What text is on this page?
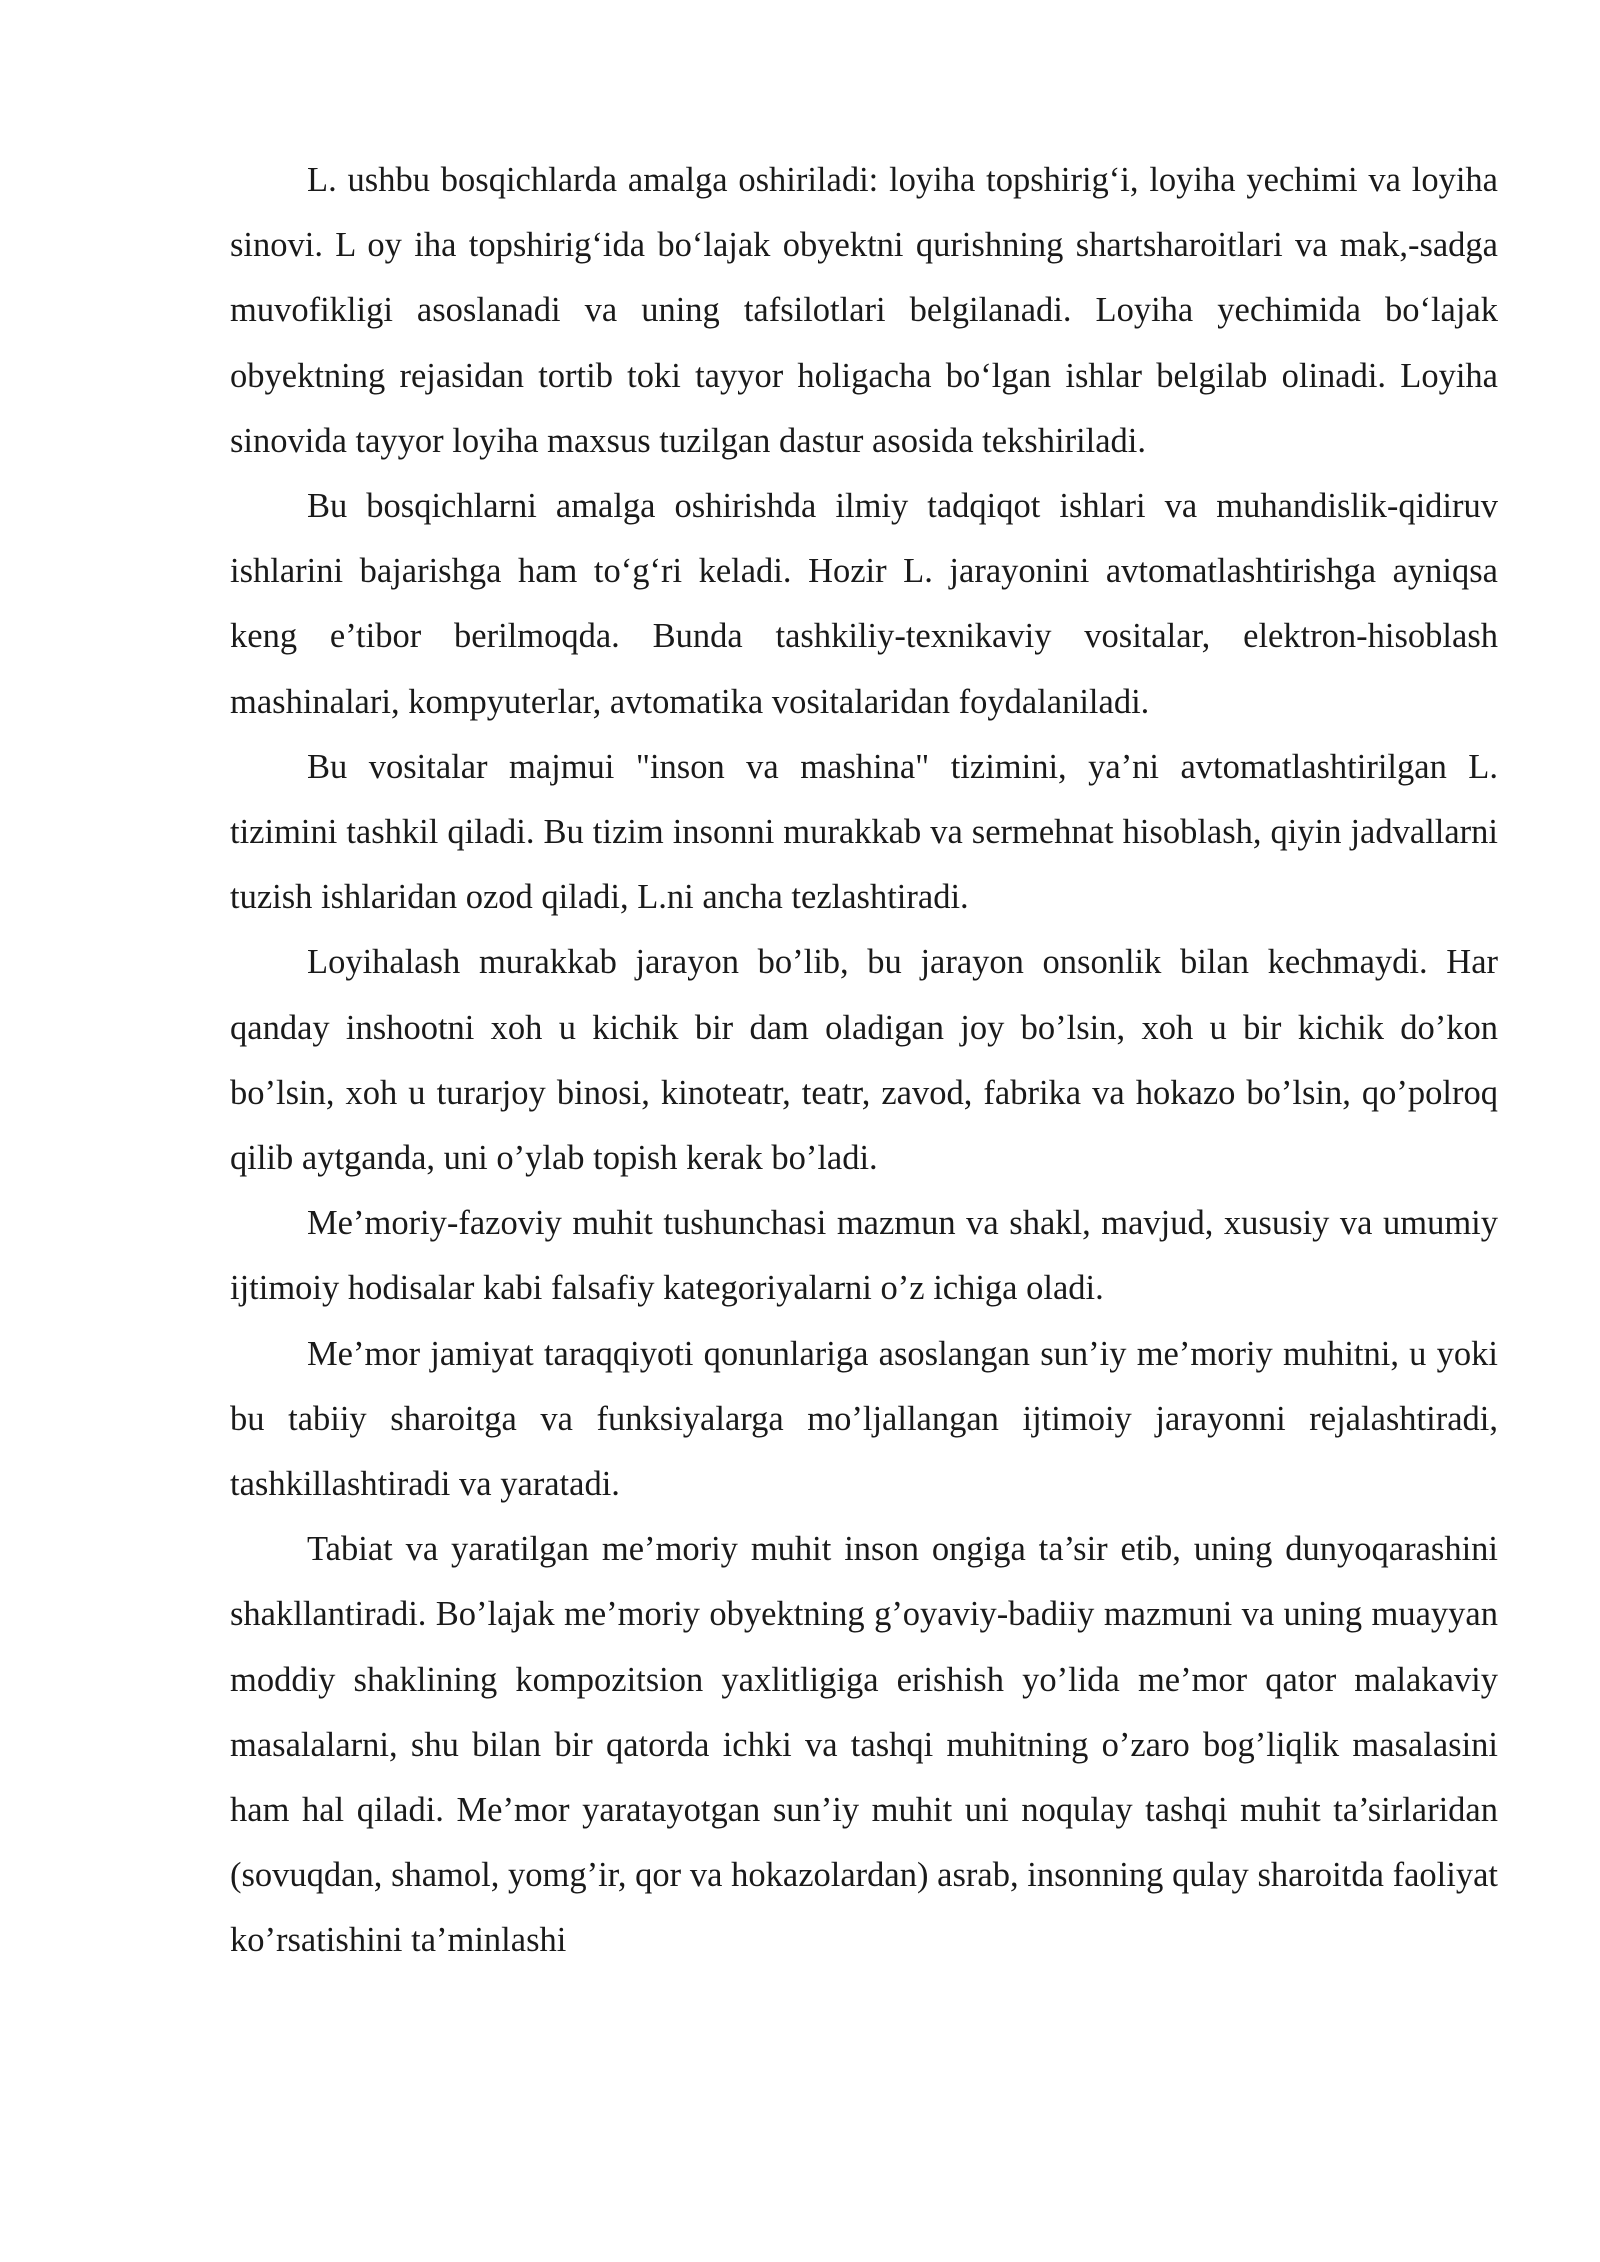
L. ushbu bosqichlarda amalga oshiriladi: loyiha topshirig‘i, loyiha yechimi va loyiha sinovi. L oy iha topshirig‘ida bo‘lajak obyektni qurishning shartsharoitlari va mak,-sadga muvofikligi asoslanadi va uning tafsilotlari belgilanadi. Loyiha yechimida bo‘lajak obyektning rejasidan tortib toki tayyor holigacha bo‘lgan ishlar belgilab olinadi. Loyiha sinovida tayyor loyiha maxsus tuzilgan dastur asosida tekshiriladi.

Bu bosqichlarni amalga oshirishda ilmiy tadqiqot ishlari va muhandislik-qidiruv ishlarini bajarishga ham to‘g‘ri keladi. Hozir L. jarayonini avtomatlashtirishga ayniqsa keng e’tibor berilmoqda. Bunda tashkiliy-texnikaviy vositalar, elektron-hisoblash mashinalari, kompyuterlar, avtomatika vositalaridan foydalaniladi.

Bu vositalar majmui "inson va mashina" tizimini, ya’ni avtomatlashtirilgan L. tizimini tashkil qiladi. Bu tizim insonni murakkab va sermehnat hisoblash, qiyin jadvallarni tuzish ishlaridan ozod qiladi, L.ni ancha tezlashtiradi.

Loyihalash murakkab jarayon bo’lib, bu jarayon onsonlik bilan kechmaydi. Har qanday inshootni xoh u kichik bir dam oladigan joy bo’lsin, xoh u bir kichik do’kon bo’lsin, xoh u turarjoy binosi, kinoteatr, teatr, zavod, fabrika va hokazo bo’lsin, qo’polroq qilib aytganda, uni o’ylab topish kerak bo’ladi.

Me’moriy-fazoviy muhit tushunchasi mazmun va shakl, mavjud, xususiy va umumiy ijtimoiy hodisalar kabi falsafiy kategoriyalarni o’z ichiga oladi.

Me’mor jamiyat taraqqiyoti qonunlariga asoslangan sun’iy me’moriy muhitni, u yoki bu tabiiy sharoitga va funksiyalarga mo’ljallangan ijtimoiy jarayonni rejalashtiradi, tashkillashtiradi va yaratadi.

Tabiat va yaratilgan me’moriy muhit inson ongiga ta’sir etib, uning dunyoqarashini shakllantiradi. Bo’lajak me’moriy obyektning g’oyaviy-badiiy mazmuni va uning muayyan moddiy shaklining kompozitsion yaxlitligiga erishish yo’lida me’mor qator malakaviy masalalarni, shu bilan bir qatorda ichki va tashqi muhitning o’zaro bog’liqlik masalasini ham hal qiladi. Me’mor yaratayotgan sun’iy muhit uni noqulay tashqi muhit ta’sirlaridan (sovuqdan, shamol, yomg’ir, qor va hokazolardan) asrab, insonning qulay sharoitda faoliyat ko’rsatishini ta’minlashi
